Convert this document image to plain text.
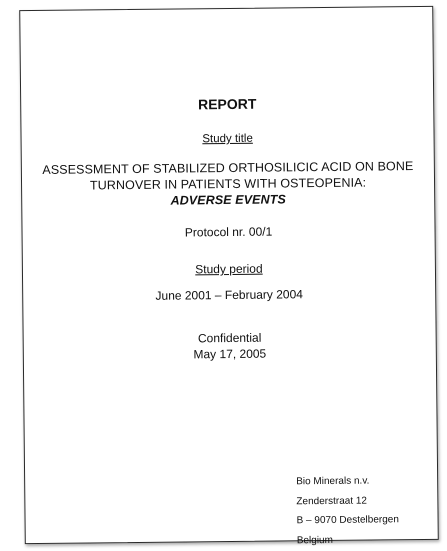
REPORT
Study title
ASSESSMENT OF STABILIZED ORTHOSILICIC ACID ON BONE
TURNOVER IN PATIENTS WITH OSTEOPENIA:
ADVERSE EVENTS
Protocol nr. 00/1
Study period
June 2001 – February 2004
Confidential
May 17, 2005
Bio Minerals n.v.
Zenderstraat 12
B – 9070 Destelbergen
Belgium
